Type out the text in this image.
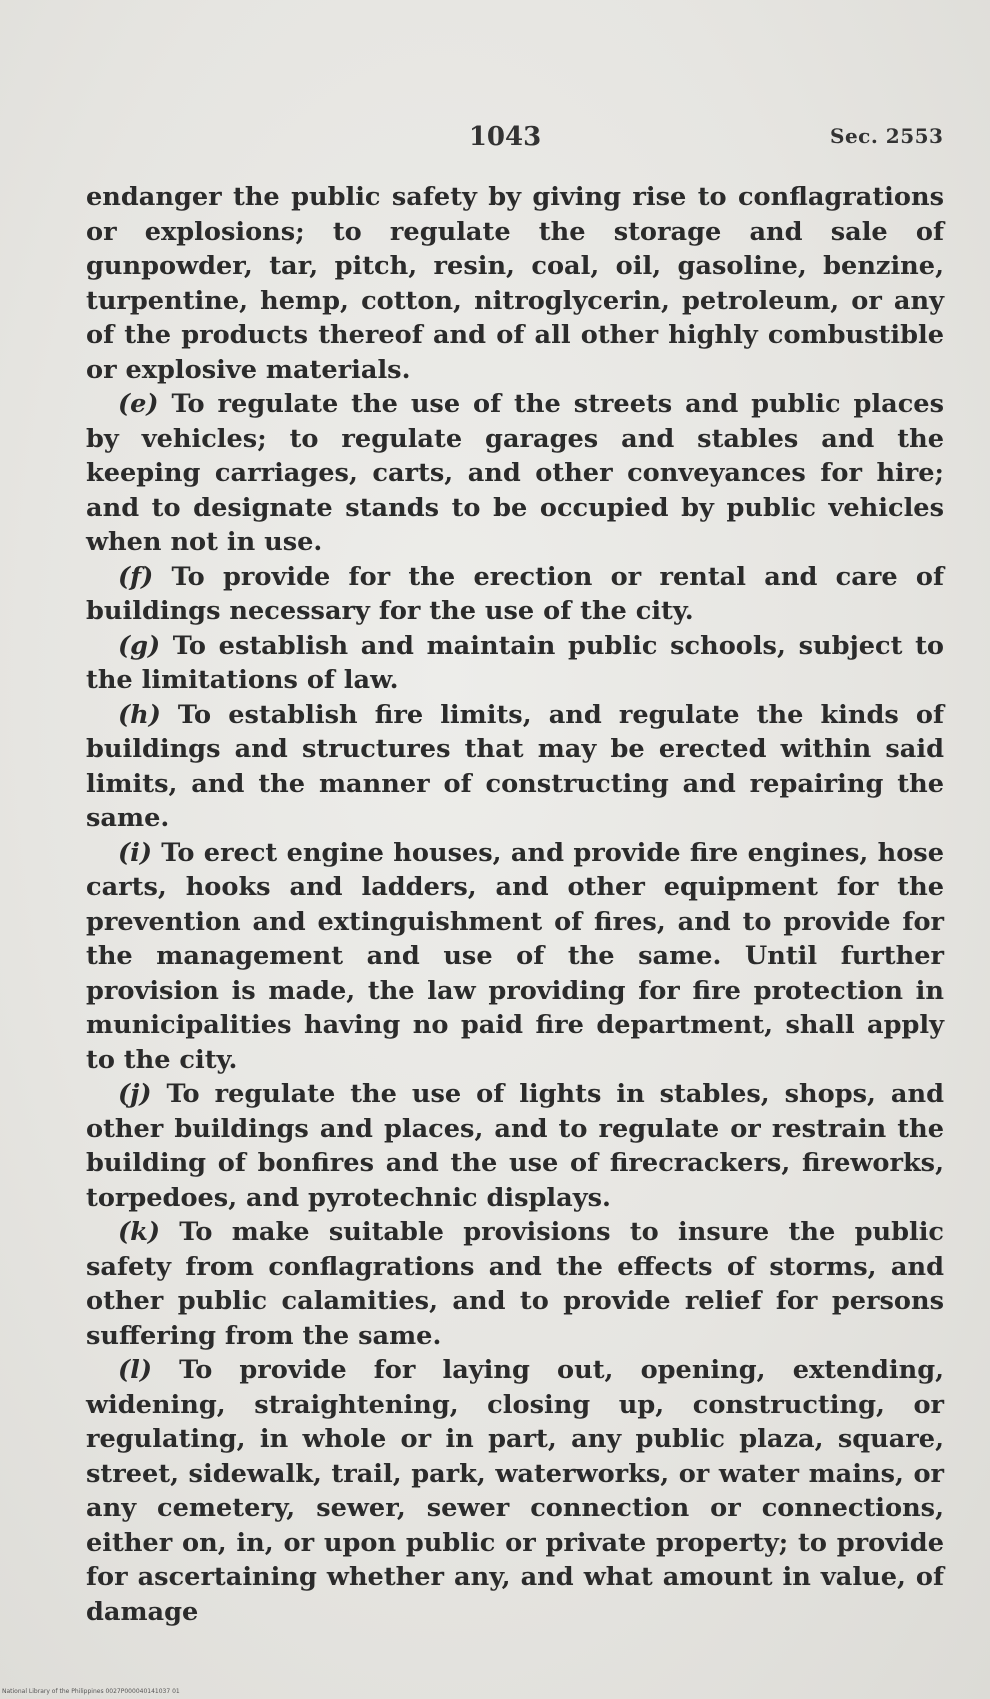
1043	Sec. 2553

endanger the public safety by giving rise to conflagrations or explosions; to regulate the storage and sale of gunpowder, tar, pitch, resin, coal, oil, gasoline, benzine, turpentine, hemp, cotton, nitroglycerin, petroleum, or any of the products thereof and of all other highly combustible or explosive materials.

(e) To regulate the use of the streets and public places by vehicles; to regulate garages and stables and the keeping carriages, carts, and other conveyances for hire; and to designate stands to be occupied by public vehicles when not in use.

(f) To provide for the erection or rental and care of buildings necessary for the use of the city.

(g) To establish and maintain public schools, subject to the limitations of law.

(h) To establish fire limits, and regulate the kinds of buildings and structures that may be erected within said limits, and the manner of constructing and repairing the same.

(i) To erect engine houses, and provide fire engines, hose carts, hooks and ladders, and other equipment for the prevention and extinguishment of fires, and to provide for the management and use of the same. Until further provision is made, the law providing for fire protection in municipalities having no paid fire department, shall apply to the city.

(j) To regulate the use of lights in stables, shops, and other buildings and places, and to regulate or restrain the building of bonfires and the use of firecrackers, fireworks, torpedoes, and pyrotechnic displays.

(k) To make suitable provisions to insure the public safety from conflagrations and the effects of storms, and other public calamities, and to provide relief for persons suffering from the same.

(l) To provide for laying out, opening, extending, widening, straightening, closing up, constructing, or regulating, in whole or in part, any public plaza, square, street, sidewalk, trail, park, waterworks, or water mains, or any cemetery, sewer, sewer connection or connections, either on, in, or upon public or private property; to provide for ascertaining whether any, and what amount in value, of damage

National Library of the Philippines 0027P000040141037 01
